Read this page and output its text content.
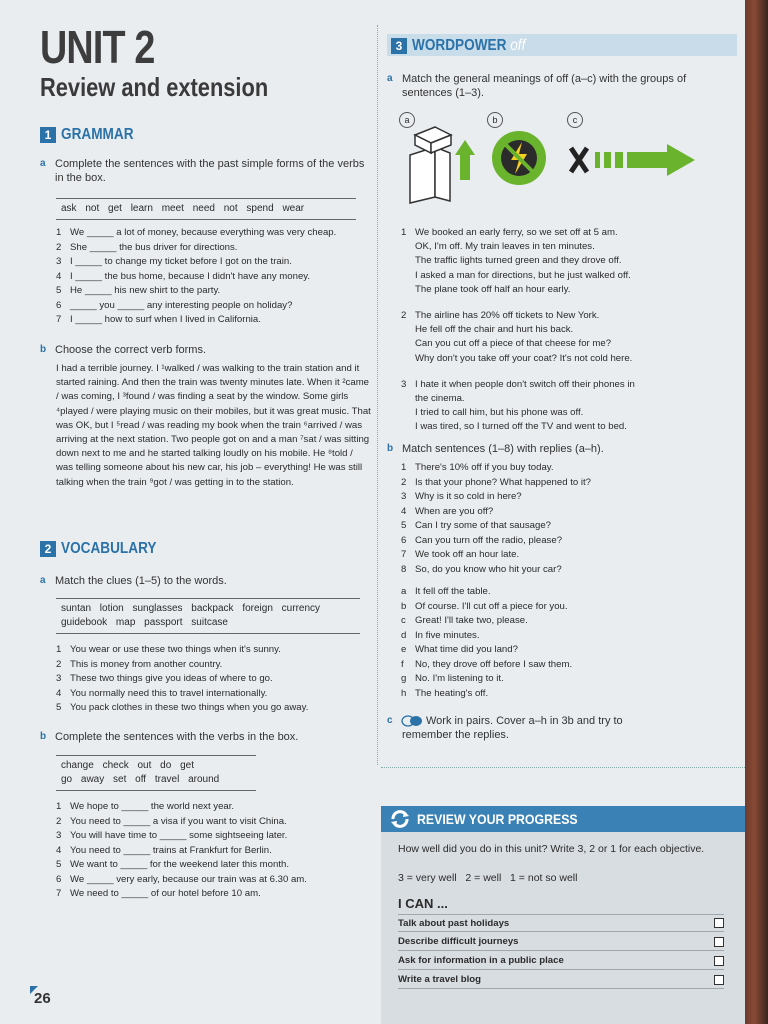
UNIT 2
Review and extension
1 GRAMMAR
a Complete the sentences with the past simple forms of the verbs in the box.
ask not get learn meet need not spend wear
1 We _____ a lot of money, because everything was very cheap.
2 She _____ the bus driver for directions.
3 I _____ to change my ticket before I got on the train.
4 I _____ the bus home, because I didn't have any money.
5 He _____ his new shirt to the party.
6 _____ you _____ any interesting people on holiday?
7 I _____ how to surf when I lived in California.
b Choose the correct verb forms.
I had a terrible journey. I ¹walked / was walking to the train station and it started raining. And then the train was twenty minutes late. When it ²came / was coming, I ³found / was finding a seat by the window. Some girls ⁴played / were playing music on their mobiles, but it was great music. That was OK, but I ⁵read / was reading my book when the train ⁶arrived / was arriving at the next station. Two people got on and a man ⁷sat / was sitting down next to me and he started talking loudly on his mobile. He ⁸told / was telling someone about his new car, his job – everything! He was still talking when the train ⁹got / was getting in to the station.
2 VOCABULARY
a Match the clues (1–5) to the words.
suntan lotion sunglasses backpack foreign currency
guidebook map passport suitcase
1 You wear or use these two things when it's sunny.
2 This is money from another country.
3 These two things give you ideas of where to go.
4 You normally need this to travel internationally.
5 You pack clothes in these two things when you go away.
b Complete the sentences with the verbs in the box.
change check out do get
go away set off travel around
1 We hope to _____ the world next year.
2 You need to _____ a visa if you want to visit China.
3 You will have time to _____ some sightseeing later.
4 You need to _____ trains at Frankfurt for Berlin.
5 We want to _____ for the weekend later this month.
6 We _____ very early, because our train was at 6.30 am.
7 We need to _____ of our hotel before 10 am.
3 WORDPOWER off
a Match the general meanings of off (a–c) with the groups of sentences (1–3).
a	b	c
1 We booked an early ferry, so we set off at 5 am.
OK, I'm off. My train leaves in ten minutes.
The traffic lights turned green and they drove off.
I asked a man for directions, but he just walked off.
The plane took off half an hour early.
2 The airline has 20% off tickets to New York.
He fell off the chair and hurt his back.
Can you cut off a piece of that cheese for me?
Why don't you take off your coat? It's not cold here.
3 I hate it when people don't switch off their phones in
the cinema.
I tried to call him, but his phone was off.
I was tired, so I turned off the TV and went to bed.
b Match sentences (1–8) with replies (a–h).
1 There's 10% off if you buy today.
2 Is that your phone? What happened to it?
3 Why is it so cold in here?
4 When are you off?
5 Can I try some of that sausage?
6 Can you turn off the radio, please?
7 We took off an hour late.
8 So, do you know who hit your car?
a It fell off the table.
b Of course. I'll cut off a piece for you.
c Great! I'll take two, please.
d In five minutes.
e What time did you land?
f	No, they drove off before I saw them.
g No. I'm listening to it.
h The heating's off.
c	Work in pairs. Cover a–h in 3b and try to remember the replies.
REVIEW YOUR PROGRESS
How well did you do in this unit? Write 3, 2 or 1 for each objective.
3 = very well   2 = well   1 = not so well
I CAN ...
Talk about past holidays
Describe difficult journeys
Ask for information in a public place
Write a travel blog
26
